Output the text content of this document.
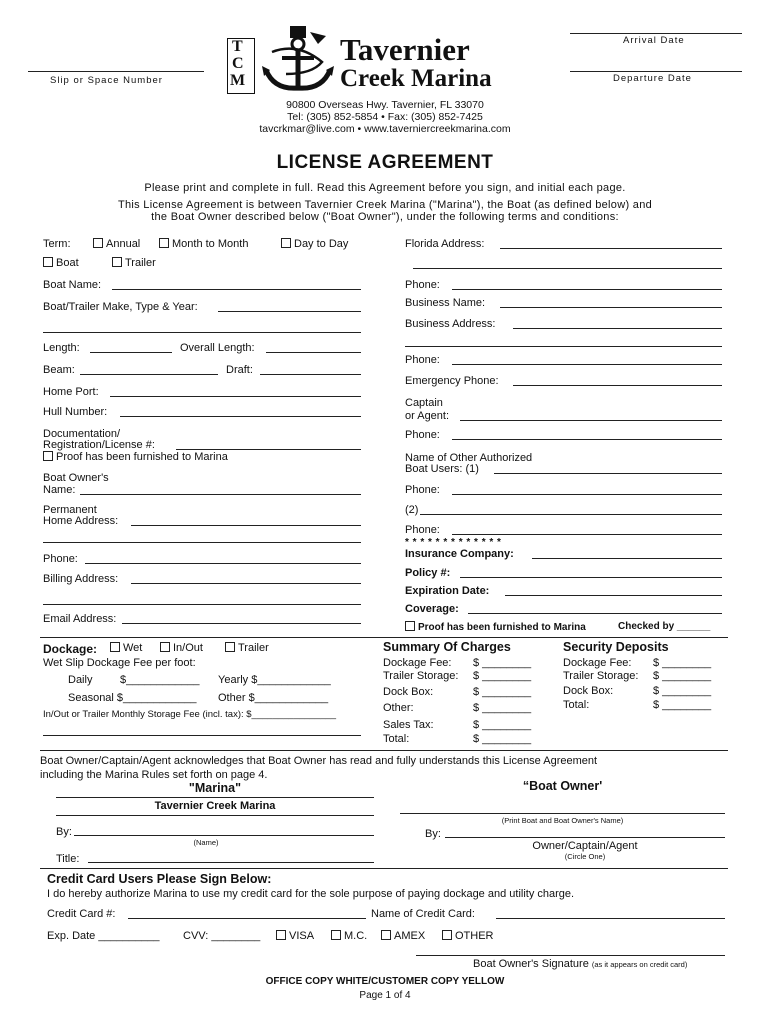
Arrival Date
Departure Date
Slip or Space Number
T
C
M
Tavernier
Creek Marina
90800 Overseas Hwy. Tavernier, FL 33070
Tel: (305) 852-5854 • Fax: (305) 852-7425
tavcrkmar@live.com • www.taverniercreekmarina.com
LICENSE AGREEMENT
Please print and complete in full. Read this Agreement before you sign, and initial each page.
This License Agreement is between Tavernier Creek Marina ("Marina"), the Boat (as defined below) and
the Boat Owner described below ("Boat Owner"), under the following terms and conditions:
Term:	Annual	Month to Month	Day to Day
Boat	Trailer
Boat Name:
Boat/Trailer Make, Type & Year:
Length:	Overall Length:
Beam:	Draft:
Home Port:
Hull Number:
Documentation/
Registration/License #:
Proof has been furnished to Marina
Boat Owner's
Name:
Permanent
Home Address:
Phone:
Billing Address:
Email Address:
Florida Address:
Phone:
Business Name:
Business Address:
Phone:
Emergency Phone:
Captain
or Agent:
Phone:
Name of Other Authorized
Boat Users: (1)
Phone:
(2)
Phone:
* * * * * * * * * * * * *
Insurance Company:
Policy #:
Expiration Date:
Coverage:
Proof has been furnished to Marina	Checked by ______
Dockage:	Wet	In/Out	Trailer
Wet Slip Dockage Fee per foot:
Daily	$____________ Yearly $____________
Seasonal $____________ Other $____________
In/Out or Trailer Monthly Storage Fee (incl. tax): $________________
Summary Of Charges
Dockage Fee: $ ________
Trailer Storage: $ ________
Dock Box:	$ ________
Other:	$ ________
Sales Tax:	$ ________
Total:	$ ________
Security Deposits
Dockage Fee: $ ________
Trailer Storage: $ ________
Dock Box:	$ ________
Total:	$ ________
Boat Owner/Captain/Agent acknowledges that Boat Owner has read and fully understands this License Agreement
including the Marina Rules set forth on page 4.
"Marina"
Tavernier Creek Marina
By:
(Name)
Title:
“Boat Owner'
(Print Boat and Boat Owner's Name)
By:
Owner/Captain/Agent
(Circle One)
Credit Card Users Please Sign Below:
I do hereby authorize Marina to use my credit card for the sole purpose of paying dockage and utility charge.
Credit Card #:	Name of Credit Card:
Exp. Date __________ CVV: ________	VISA	M.C.	AMEX	OTHER
Boat Owner's Signature (as it appears on credit card)
OFFICE COPY WHITE/CUSTOMER COPY YELLOW
Page 1 of 4
